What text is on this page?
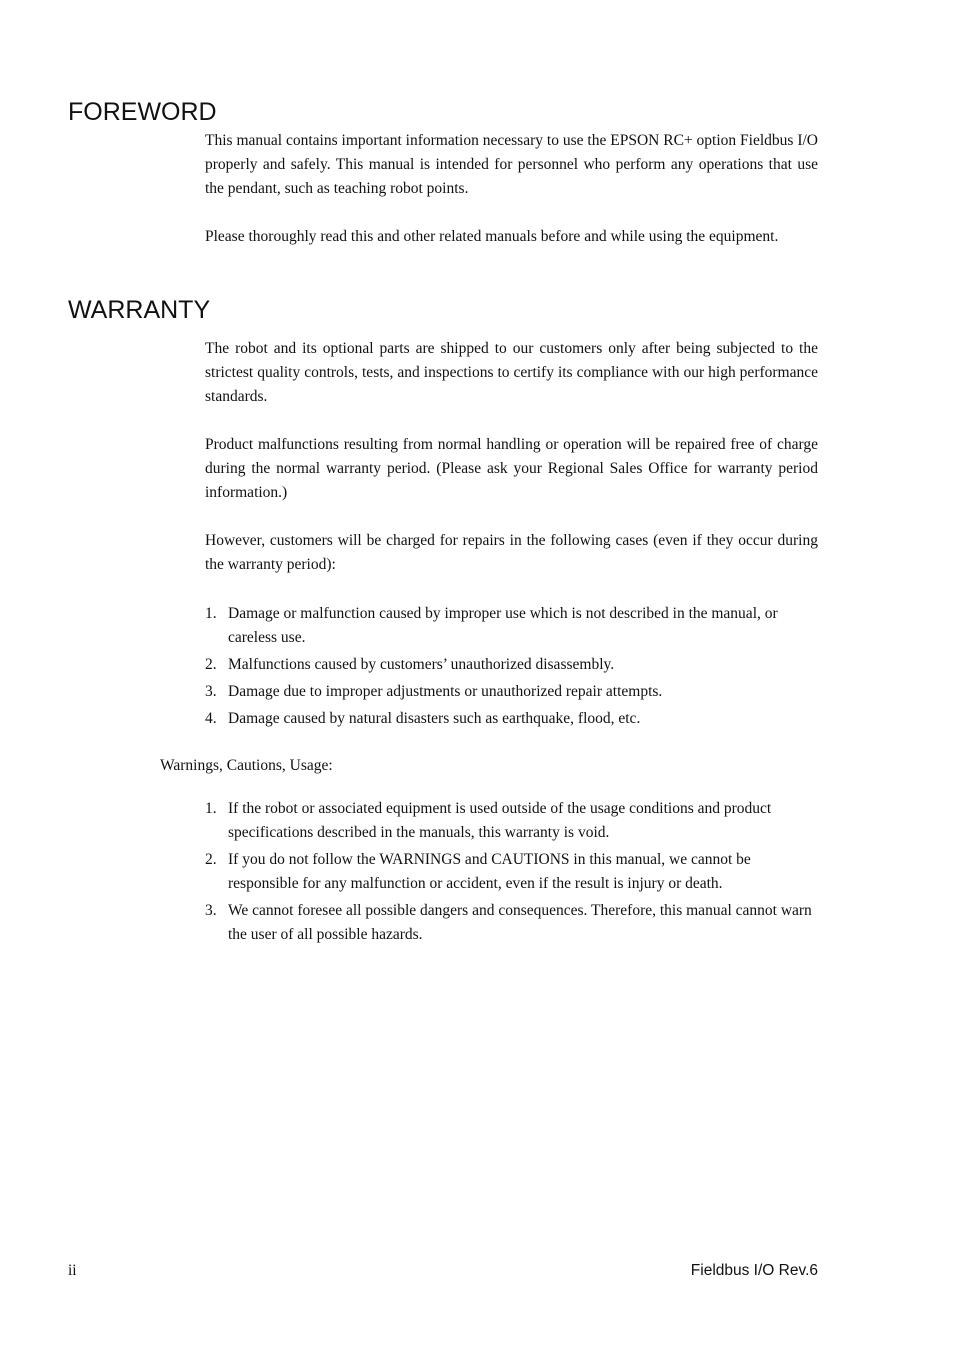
FOREWORD

This manual contains important information necessary to use the EPSON RC+ option Fieldbus I/O properly and safely. This manual is intended for personnel who perform any operations that use the pendant, such as teaching robot points.

Please thoroughly read this and other related manuals before and while using the equipment.

WARRANTY

The robot and its optional parts are shipped to our customers only after being subjected to the strictest quality controls, tests, and inspections to certify its compliance with our high performance standards.

Product malfunctions resulting from normal handling or operation will be repaired free of charge during the normal warranty period. (Please ask your Regional Sales Office for warranty period information.)

However, customers will be charged for repairs in the following cases (even if they occur during the warranty period):

1. Damage or malfunction caused by improper use which is not described in the manual, or careless use.
2. Malfunctions caused by customers’ unauthorized disassembly.
3. Damage due to improper adjustments or unauthorized repair attempts.
4. Damage caused by natural disasters such as earthquake, flood, etc.

Warnings, Cautions, Usage:

1. If the robot or associated equipment is used outside of the usage conditions and product specifications described in the manuals, this warranty is void.
2. If you do not follow the WARNINGS and CAUTIONS in this manual, we cannot be responsible for any malfunction or accident, even if the result is injury or death.
3. We cannot foresee all possible dangers and consequences. Therefore, this manual cannot warn the user of all possible hazards.
ii	Fieldbus I/O Rev.6
